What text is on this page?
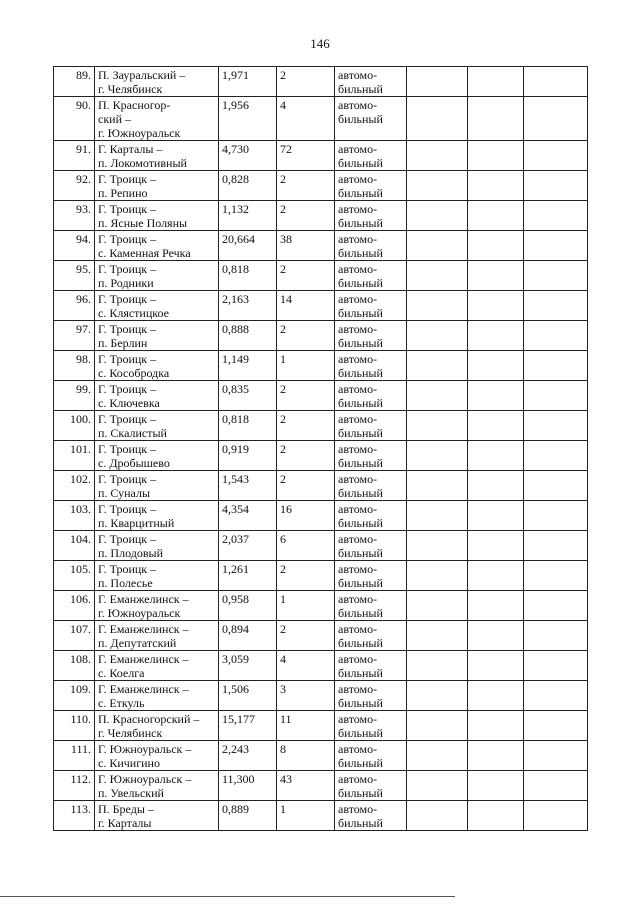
146
89.	П. Зауральский –
г. Челябинск	1,971	2	автомо-
бильный			

90.	П. Красногор-
ский –
г. Южноуральск	1,956	4	автомо-
бильный			

91.	Г. Карталы –
п. Локомотивный	4,730	72	автомо-
бильный			

92.	Г. Троицк –
п. Репино	0,828	2	автомо-
бильный			

93.	Г. Троицк –
п. Ясные Поляны	1,132	2	автомо-
бильный			

94.	Г. Троицк –
с. Каменная Речка	20,664	38	автомо-
бильный			

95.	Г. Троицк –
п. Родники	0,818	2	автомо-
бильный			

96.	Г. Троицк –
с. Клястицкое	2,163	14	автомо-
бильный			

97.	Г. Троицк –
п. Берлин	0,888	2	автомо-
бильный			

98.	Г. Троицк –
с. Кособродка	1,149	1	автомо-
бильный			

99.	Г. Троицк –
с. Ключевка	0,835	2	автомо-
бильный			

100.	Г. Троицк –
п. Скалистый	0,818	2	автомо-
бильный			

101.	Г. Троицк –
с. Дробышево	0,919	2	автомо-
бильный			

102.	Г. Троицк –
п. Суналы	1,543	2	автомо-
бильный			

103.	Г. Троицк –
п. Кварцитный	4,354	16	автомо-
бильный			

104.	Г. Троицк –
п. Плодовый	2,037	6	автомо-
бильный			

105.	Г. Троицк –
п. Полесье	1,261	2	автомо-
бильный			

106.	Г. Еманжелинск –
г. Южноуральск	0,958	1	автомо-
бильный			

107.	Г. Еманжелинск –
п. Депутатский	0,894	2	автомо-
бильный			

108.	Г. Еманжелинск –
с. Коелга	3,059	4	автомо-
бильный			

109.	Г. Еманжелинск –
с. Еткуль	1,506	3	автомо-
бильный			

110.	П. Красногорский –
г. Челябинск	15,177	11	автомо-
бильный			

111.	Г. Южноуральск –
с. Кичигино	2,243	8	автомо-
бильный			

112.	Г. Южноуральск –
п. Увельский	11,300	43	автомо-
бильный			

113.	П. Бреды –
г. Карталы	0,889	1	автомо-
бильный			
